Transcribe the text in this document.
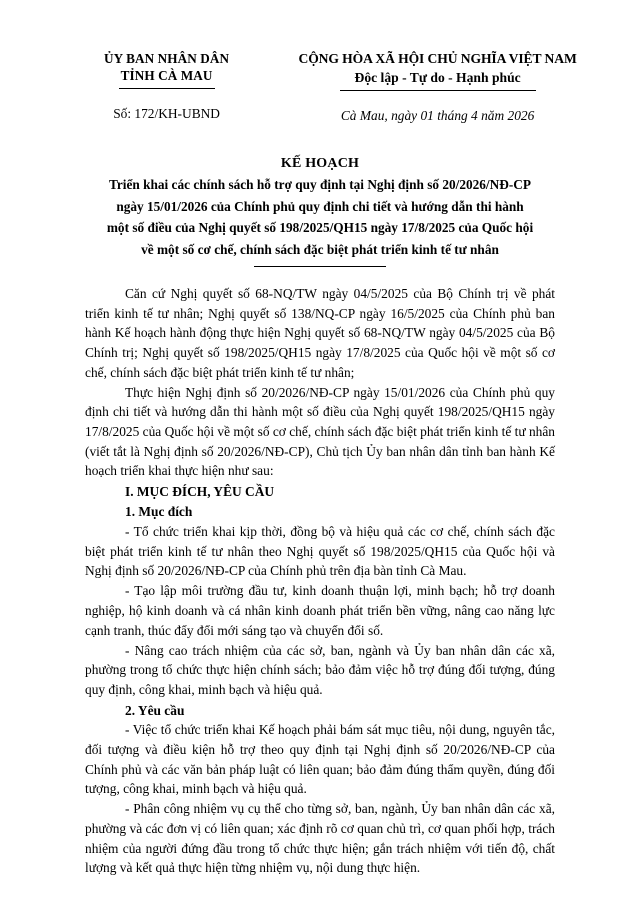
ỦY BAN NHÂN DÂN
TỈNH CÀ MAU
Số: 172/KH-UBND
CỘNG HÒA XÃ HỘI CHỦ NGHĨA VIỆT NAM
Độc lập - Tự do - Hạnh phúc
Cà Mau, ngày 01 tháng 4 năm 2026
KẾ HOẠCH
Triển khai các chính sách hỗ trợ quy định tại Nghị định số 20/2026/NĐ-CP
ngày 15/01/2026 của Chính phủ quy định chi tiết và hướng dẫn thi hành
một số điều của Nghị quyết số 198/2025/QH15 ngày 17/8/2025 của Quốc hội
về một số cơ chế, chính sách đặc biệt phát triển kinh tế tư nhân

Căn cứ Nghị quyết số 68-NQ/TW ngày 04/5/2025 của Bộ Chính trị về phát triển kinh tế tư nhân; Nghị quyết số 138/NQ-CP ngày 16/5/2025 của Chính phủ ban hành Kế hoạch hành động thực hiện Nghị quyết số 68-NQ/TW ngày 04/5/2025 của Bộ Chính trị; Nghị quyết số 198/2025/QH15 ngày 17/8/2025 của Quốc hội về một số cơ chế, chính sách đặc biệt phát triển kinh tế tư nhân;

Thực hiện Nghị định số 20/2026/NĐ-CP ngày 15/01/2026 của Chính phủ quy định chi tiết và hướng dẫn thi hành một số điều của Nghị quyết 198/2025/QH15 ngày 17/8/2025 của Quốc hội về một số cơ chế, chính sách đặc biệt phát triển kinh tế tư nhân (viết tắt là Nghị định số 20/2026/NĐ-CP), Chủ tịch Ủy ban nhân dân tỉnh ban hành Kế hoạch triển khai thực hiện như sau:

I. MỤC ĐÍCH, YÊU CẦU

1. Mục đích

- Tổ chức triển khai kịp thời, đồng bộ và hiệu quả các cơ chế, chính sách đặc biệt phát triển kinh tế tư nhân theo Nghị quyết số 198/2025/QH15 của Quốc hội và Nghị định số 20/2026/NĐ-CP của Chính phủ trên địa bàn tỉnh Cà Mau.

- Tạo lập môi trường đầu tư, kinh doanh thuận lợi, minh bạch; hỗ trợ doanh nghiệp, hộ kinh doanh và cá nhân kinh doanh phát triển bền vững, nâng cao năng lực cạnh tranh, thúc đẩy đổi mới sáng tạo và chuyển đổi số.

- Nâng cao trách nhiệm của các sở, ban, ngành và Ủy ban nhân dân các xã, phường trong tổ chức thực hiện chính sách; bảo đảm việc hỗ trợ đúng đối tượng, đúng quy định, công khai, minh bạch và hiệu quả.

2. Yêu cầu

- Việc tổ chức triển khai Kế hoạch phải bám sát mục tiêu, nội dung, nguyên tắc, đối tượng và điều kiện hỗ trợ theo quy định tại Nghị định số 20/2026/NĐ-CP của Chính phủ và các văn bản pháp luật có liên quan; bảo đảm đúng thẩm quyền, đúng đối tượng, công khai, minh bạch và hiệu quả.

- Phân công nhiệm vụ cụ thể cho từng sở, ban, ngành, Ủy ban nhân dân các xã, phường và các đơn vị có liên quan; xác định rõ cơ quan chủ trì, cơ quan phối hợp, trách nhiệm của người đứng đầu trong tổ chức thực hiện; gắn trách nhiệm với tiến độ, chất lượng và kết quả thực hiện từng nhiệm vụ, nội dung thực hiện.
